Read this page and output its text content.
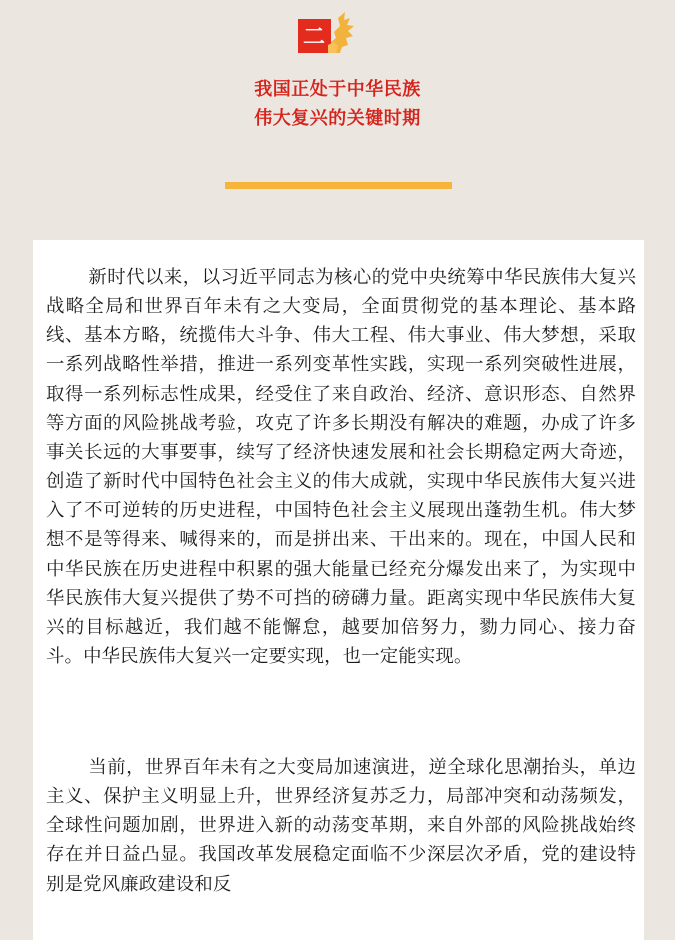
二
我国正处于中华民族
伟大复兴的关键时期

新时代以来，以习近平同志为核心的党中央统筹中华民族伟大复兴战略全局和世界百年未有之大变局，全面贯彻党的基本理论、基本路线、基本方略，统揽伟大斗争、伟大工程、伟大事业、伟大梦想，采取一系列战略性举措，推进一系列变革性实践，实现一系列突破性进展，取得一系列标志性成果，经受住了来自政治、经济、意识形态、自然界等方面的风险挑战考验，攻克了许多长期没有解决的难题，办成了许多事关长远的大事要事，续写了经济快速发展和社会长期稳定两大奇迹，创造了新时代中国特色社会主义的伟大成就，实现中华民族伟大复兴进入了不可逆转的历史进程，中国特色社会主义展现出蓬勃生机。伟大梦想不是等得来、喊得来的，而是拼出来、干出来的。现在，中国人民和中华民族在历史进程中积累的强大能量已经充分爆发出来了，为实现中华民族伟大复兴提供了势不可挡的磅礴力量。距离实现中华民族伟大复兴的目标越近，我们越不能懈怠，越要加倍努力，勠力同心、接力奋斗。中华民族伟大复兴一定要实现，也一定能实现。

当前，世界百年未有之大变局加速演进，逆全球化思潮抬头，单边主义、保护主义明显上升，世界经济复苏乏力，局部冲突和动荡频发，全球性问题加剧，世界进入新的动荡变革期，来自外部的风险挑战始终存在并日益凸显。我国改革发展稳定面临不少深层次矛盾，党的建设特别是党风廉政建设和反
